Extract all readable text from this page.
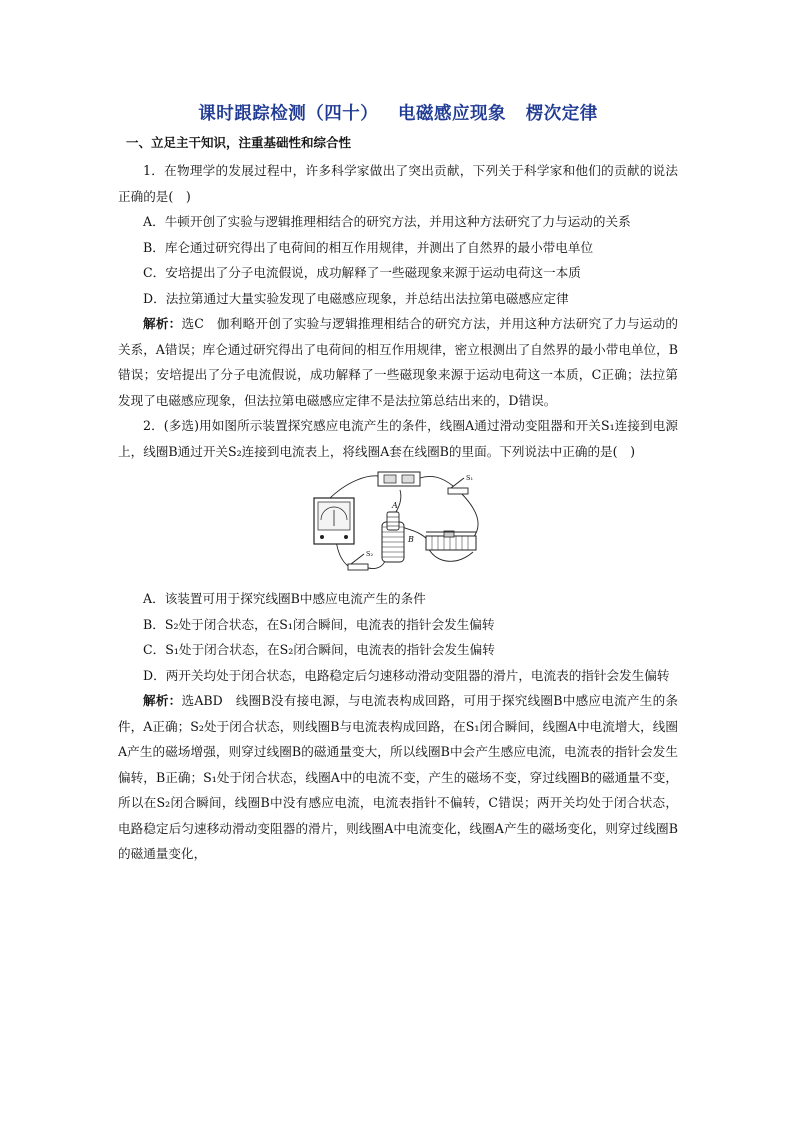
课时跟踪检测（四十）   电磁感应现象   楞次定律
一、立足主干知识，注重基础性和综合性

1．在物理学的发展过程中，许多科学家做出了突出贡献，下列关于科学家和他们的贡献的说法正确的是(　)

A．牛顿开创了实验与逻辑推理相结合的研究方法，并用这种方法研究了力与运动的关系

B．库仑通过研究得出了电荷间的相互作用规律，并测出了自然界的最小带电单位

C．安培提出了分子电流假说，成功解释了一些磁现象来源于运动电荷这一本质

D．法拉第通过大量实验发现了电磁感应现象，并总结出法拉第电磁感应定律

解析：选C　伽利略开创了实验与逻辑推理相结合的研究方法，并用这种方法研究了力与运动的关系，A错误；库仑通过研究得出了电荷间的相互作用规律，密立根测出了自然界的最小带电单位，B错误；安培提出了分子电流假说，成功解释了一些磁现象来源于运动电荷这一本质，C正确；法拉第发现了电磁感应现象，但法拉第电磁感应定律不是法拉第总结出来的，D错误。

2．(多选)用如图所示装置探究感应电流产生的条件，线圈A通过滑动变阻器和开关S₁连接到电源上，线圈B通过开关S₂连接到电流表上，将线圈A套在线圈B的里面。下列说法中正确的是(　)

A
B
S₁
S₂

A．该装置可用于探究线圈B中感应电流产生的条件

B．S₂处于闭合状态，在S₁闭合瞬间，电流表的指针会发生偏转

C．S₁处于闭合状态，在S₂闭合瞬间，电流表的指针会发生偏转

D．两开关均处于闭合状态，电路稳定后匀速移动滑动变阻器的滑片，电流表的指针会发生偏转

解析：选ABD　线圈B没有接电源，与电流表构成回路，可用于探究线圈B中感应电流产生的条件，A正确；S₂处于闭合状态，则线圈B与电流表构成回路，在S₁闭合瞬间，线圈A中电流增大，线圈A产生的磁场增强，则穿过线圈B的磁通量变大，所以线圈B中会产生感应电流，电流表的指针会发生偏转，B正确；S₁处于闭合状态，线圈A中的电流不变，产生的磁场不变，穿过线圈B的磁通量不变，所以在S₂闭合瞬间，线圈B中没有感应电流，电流表指针不偏转，C错误；两开关均处于闭合状态，电路稳定后匀速移动滑动变阻器的滑片，则线圈A中电流变化，线圈A产生的磁场变化，则穿过线圈B的磁通量变化，
